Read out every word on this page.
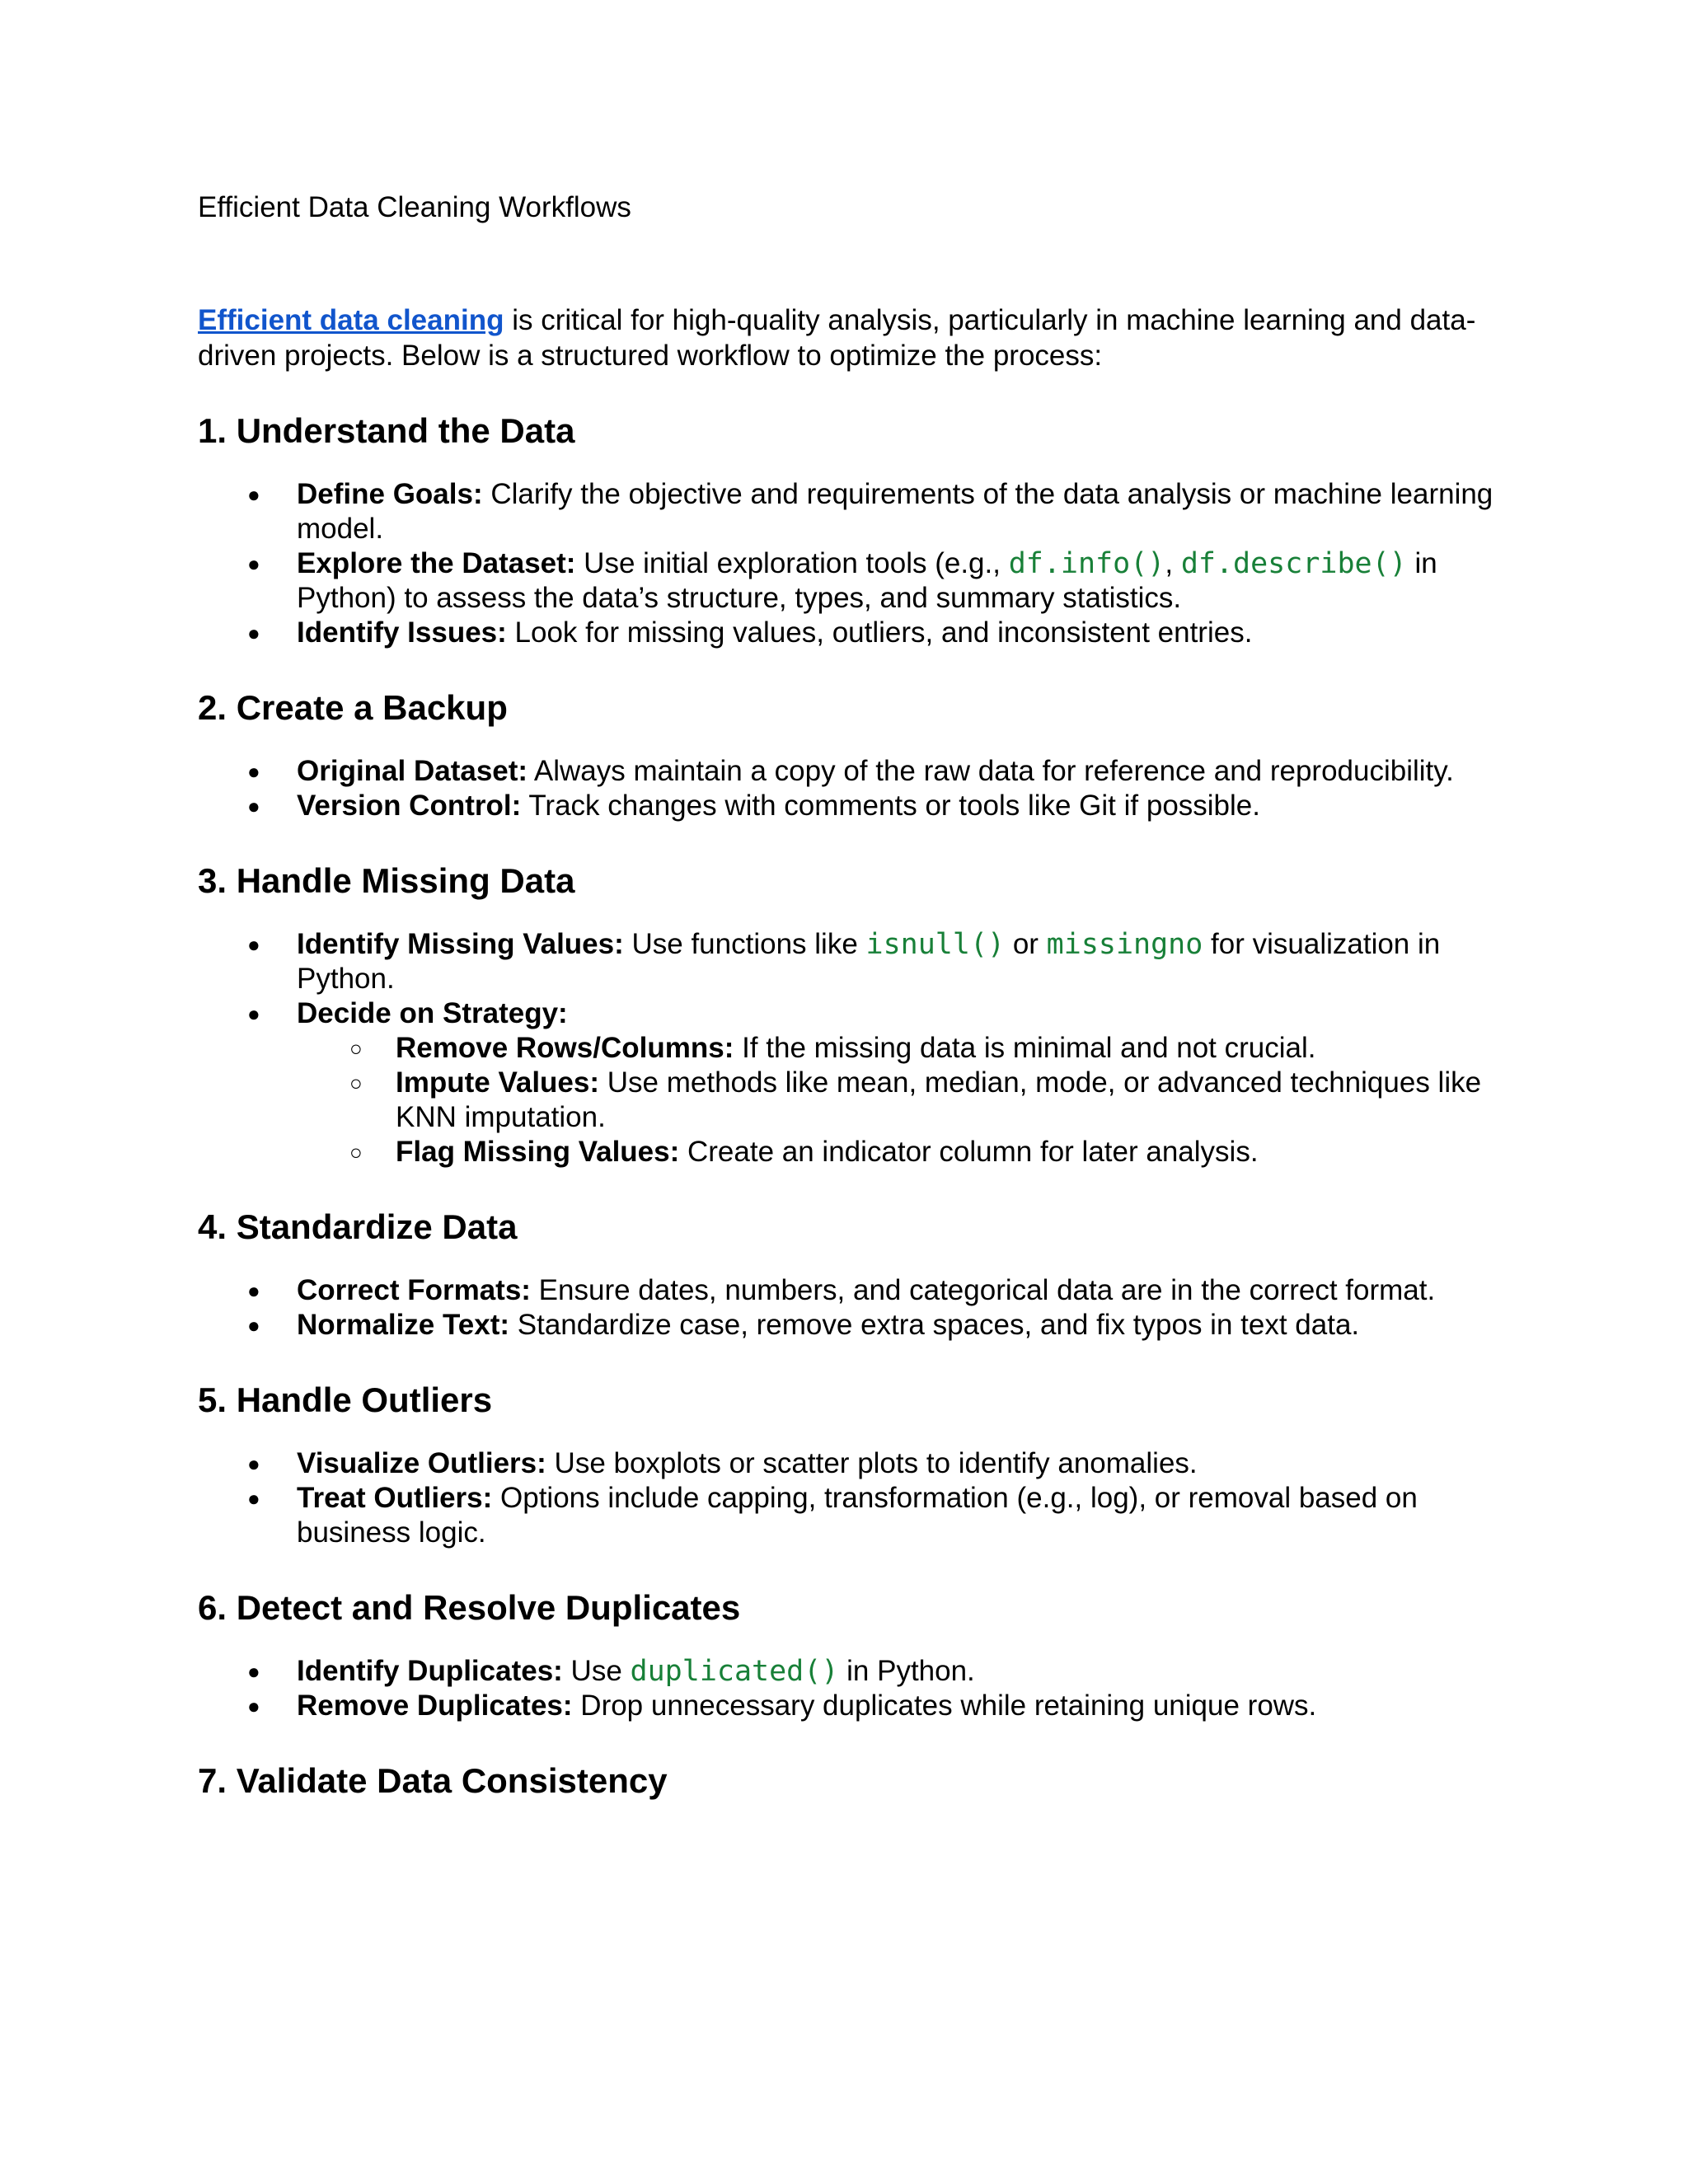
Efficient Data Cleaning Workflows

Efficient data cleaning is critical for high-quality analysis, particularly in machine learning and data-driven projects. Below is a structured workflow to optimize the process:

1. Understand the Data
●	Define Goals: Clarify the objective and requirements of the data analysis or machine learning model.
●	Explore the Dataset: Use initial exploration tools (e.g., df.info(), df.describe() in Python) to assess the data’s structure, types, and summary statistics.
●	Identify Issues: Look for missing values, outliers, and inconsistent entries.
2. Create a Backup
●	Original Dataset: Always maintain a copy of the raw data for reference and reproducibility.
●	Version Control: Track changes with comments or tools like Git if possible.
3. Handle Missing Data
●	Identify Missing Values: Use functions like isnull() or missingno for visualization in Python.
●	Decide on Strategy:
○ Remove Rows/Columns: If the missing data is minimal and not crucial.
○ Impute Values: Use methods like mean, median, mode, or advanced techniques like KNN imputation.
○ Flag Missing Values: Create an indicator column for later analysis.
4. Standardize Data
●	Correct Formats: Ensure dates, numbers, and categorical data are in the correct format.
●	Normalize Text: Standardize case, remove extra spaces, and fix typos in text data.
5. Handle Outliers
●	Visualize Outliers: Use boxplots or scatter plots to identify anomalies.
●	Treat Outliers: Options include capping, transformation (e.g., log), or removal based on business logic.
6. Detect and Resolve Duplicates
●	Identify Duplicates: Use duplicated() in Python.
●	Remove Duplicates: Drop unnecessary duplicates while retaining unique rows.
7. Validate Data Consistency
